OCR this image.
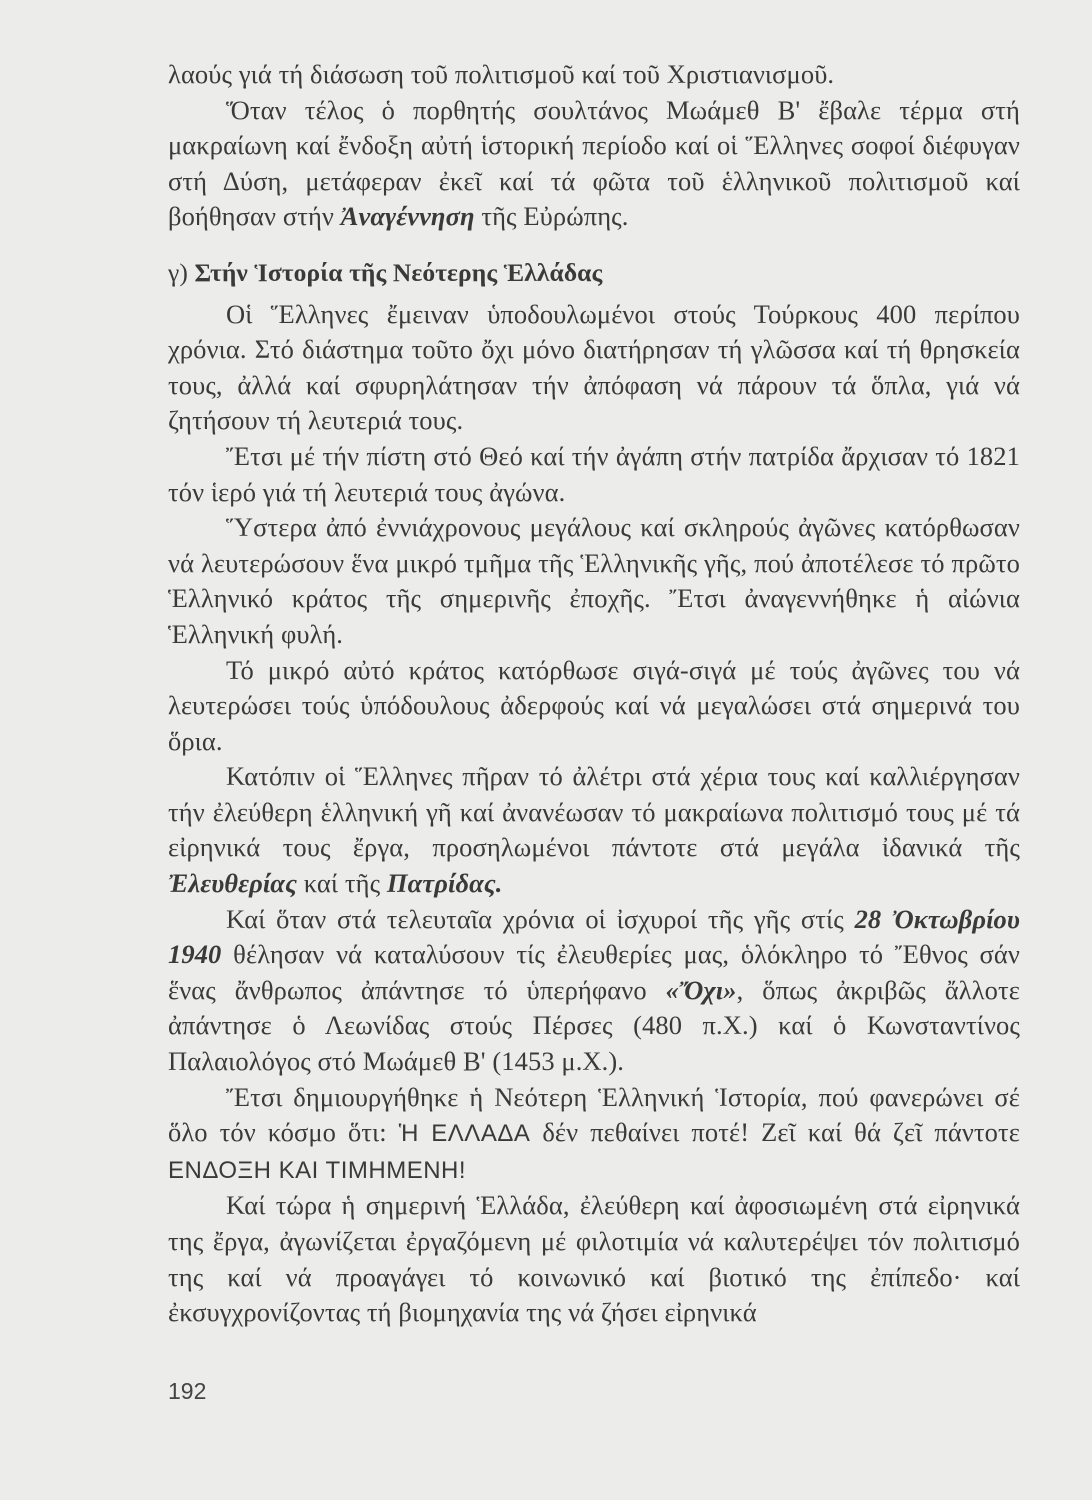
λαούς γιά τή διάσωση τοῦ πολιτισμοῦ καί τοῦ Χριστιανισμοῦ.

Ὅταν τέλος ὁ πορθητής σουλτάνος Μωάμεθ Β' ἔβαλε τέρμα στή μακραίωνη καί ἔνδοξη αὐτή ἱστορική περίοδο καί οἱ Ἕλληνες σοφοί διέφυγαν στή Δύση, μετάφεραν ἐκεῖ καί τά φῶτα τοῦ ἑλληνικοῦ πολιτισμοῦ καί βοήθησαν στήν Ἀναγέννηση τῆς Εὐρώπης.

γ) Στήν Ἱστορία τῆς Νεότερης Ἑλλάδας

Οἱ Ἕλληνες ἔμειναν ὑποδουλωμένοι στούς Τούρκους 400 περίπου χρόνια. Στό διάστημα τοῦτο ὄχι μόνο διατήρησαν τή γλῶσσα καί τή θρησκεία τους, ἀλλά καί σφυρηλάτησαν τήν ἀπόφαση νά πάρουν τά ὅπλα, γιά νά ζητήσουν τή λευτεριά τους.

Ἔτσι μέ τήν πίστη στό Θεό καί τήν ἀγάπη στήν πατρίδα ἄρχισαν τό 1821 τόν ἱερό γιά τή λευτεριά τους ἀγώνα.

Ὕστερα ἀπό ἐννιάχρονους μεγάλους καί σκληρούς ἀγῶνες κατόρθωσαν νά λευτερώσουν ἕνα μικρό τμῆμα τῆς Ἑλληνικῆς γῆς, πού ἀποτέλεσε τό πρῶτο Ἑλληνικό κράτος τῆς σημερινῆς ἐποχῆς. Ἔτσι ἀναγεννήθηκε ἡ αἰώνια Ἑλληνική φυλή.

Τό μικρό αὐτό κράτος κατόρθωσε σιγά-σιγά μέ τούς ἀγῶνες του νά λευτερώσει τούς ὑπόδουλους ἀδερφούς καί νά μεγαλώσει στά σημερινά του ὅρια.

Κατόπιν οἱ Ἕλληνες πῆραν τό ἀλέτρι στά χέρια τους καί καλλιέργησαν τήν ἐλεύθερη ἑλληνική γῆ καί ἀνανέωσαν τό μακραίωνα πολιτισμό τους μέ τά εἰρηνικά τους ἔργα, προσηλωμένοι πάντοτε στά μεγάλα ἰδανικά τῆς Ἐλευθερίας καί τῆς Πατρίδας.

Καί ὅταν στά τελευταῖα χρόνια οἱ ἰσχυροί τῆς γῆς στίς 28 Ὀκτωβρίου 1940 θέλησαν νά καταλύσουν τίς ἐλευθερίες μας, ὁλόκληρο τό Ἔθνος σάν ἕνας ἄνθρωπος ἀπάντησε τό ὑπερήφανο «Ὄχι», ὅπως ἀκριβῶς ἄλλοτε ἀπάντησε ὁ Λεωνίδας στούς Πέρσες (480 π.Χ.) καί ὁ Κωνσταντίνος Παλαιολόγος στό Μωάμεθ Β' (1453 μ.Χ.).

Ἔτσι δημιουργήθηκε ἡ Νεότερη Ἑλληνική Ἱστορία, πού φανερώνει σέ ὅλο τόν κόσμο ὅτι: Ἡ ΕΛΛΑΔΑ δέν πεθαίνει ποτέ! Ζεῖ καί θά ζεῖ πάντοτε ΕΝΔΟΞΗ ΚΑΙ ΤΙΜΗΜΕΝΗ!

Καί τώρα ἡ σημερινή Ἑλλάδα, ἐλεύθερη καί ἀφοσιωμένη στά εἰρηνικά της ἔργα, ἀγωνίζεται ἐργαζόμενη μέ φιλοτιμία νά καλυτερέψει τόν πολιτισμό της καί νά προαγάγει τό κοινωνικό καί βιοτικό της ἐπίπεδο· καί ἐκσυγχρονίζοντας τή βιομηχανία της νά ζήσει εἰρηνικά

192
